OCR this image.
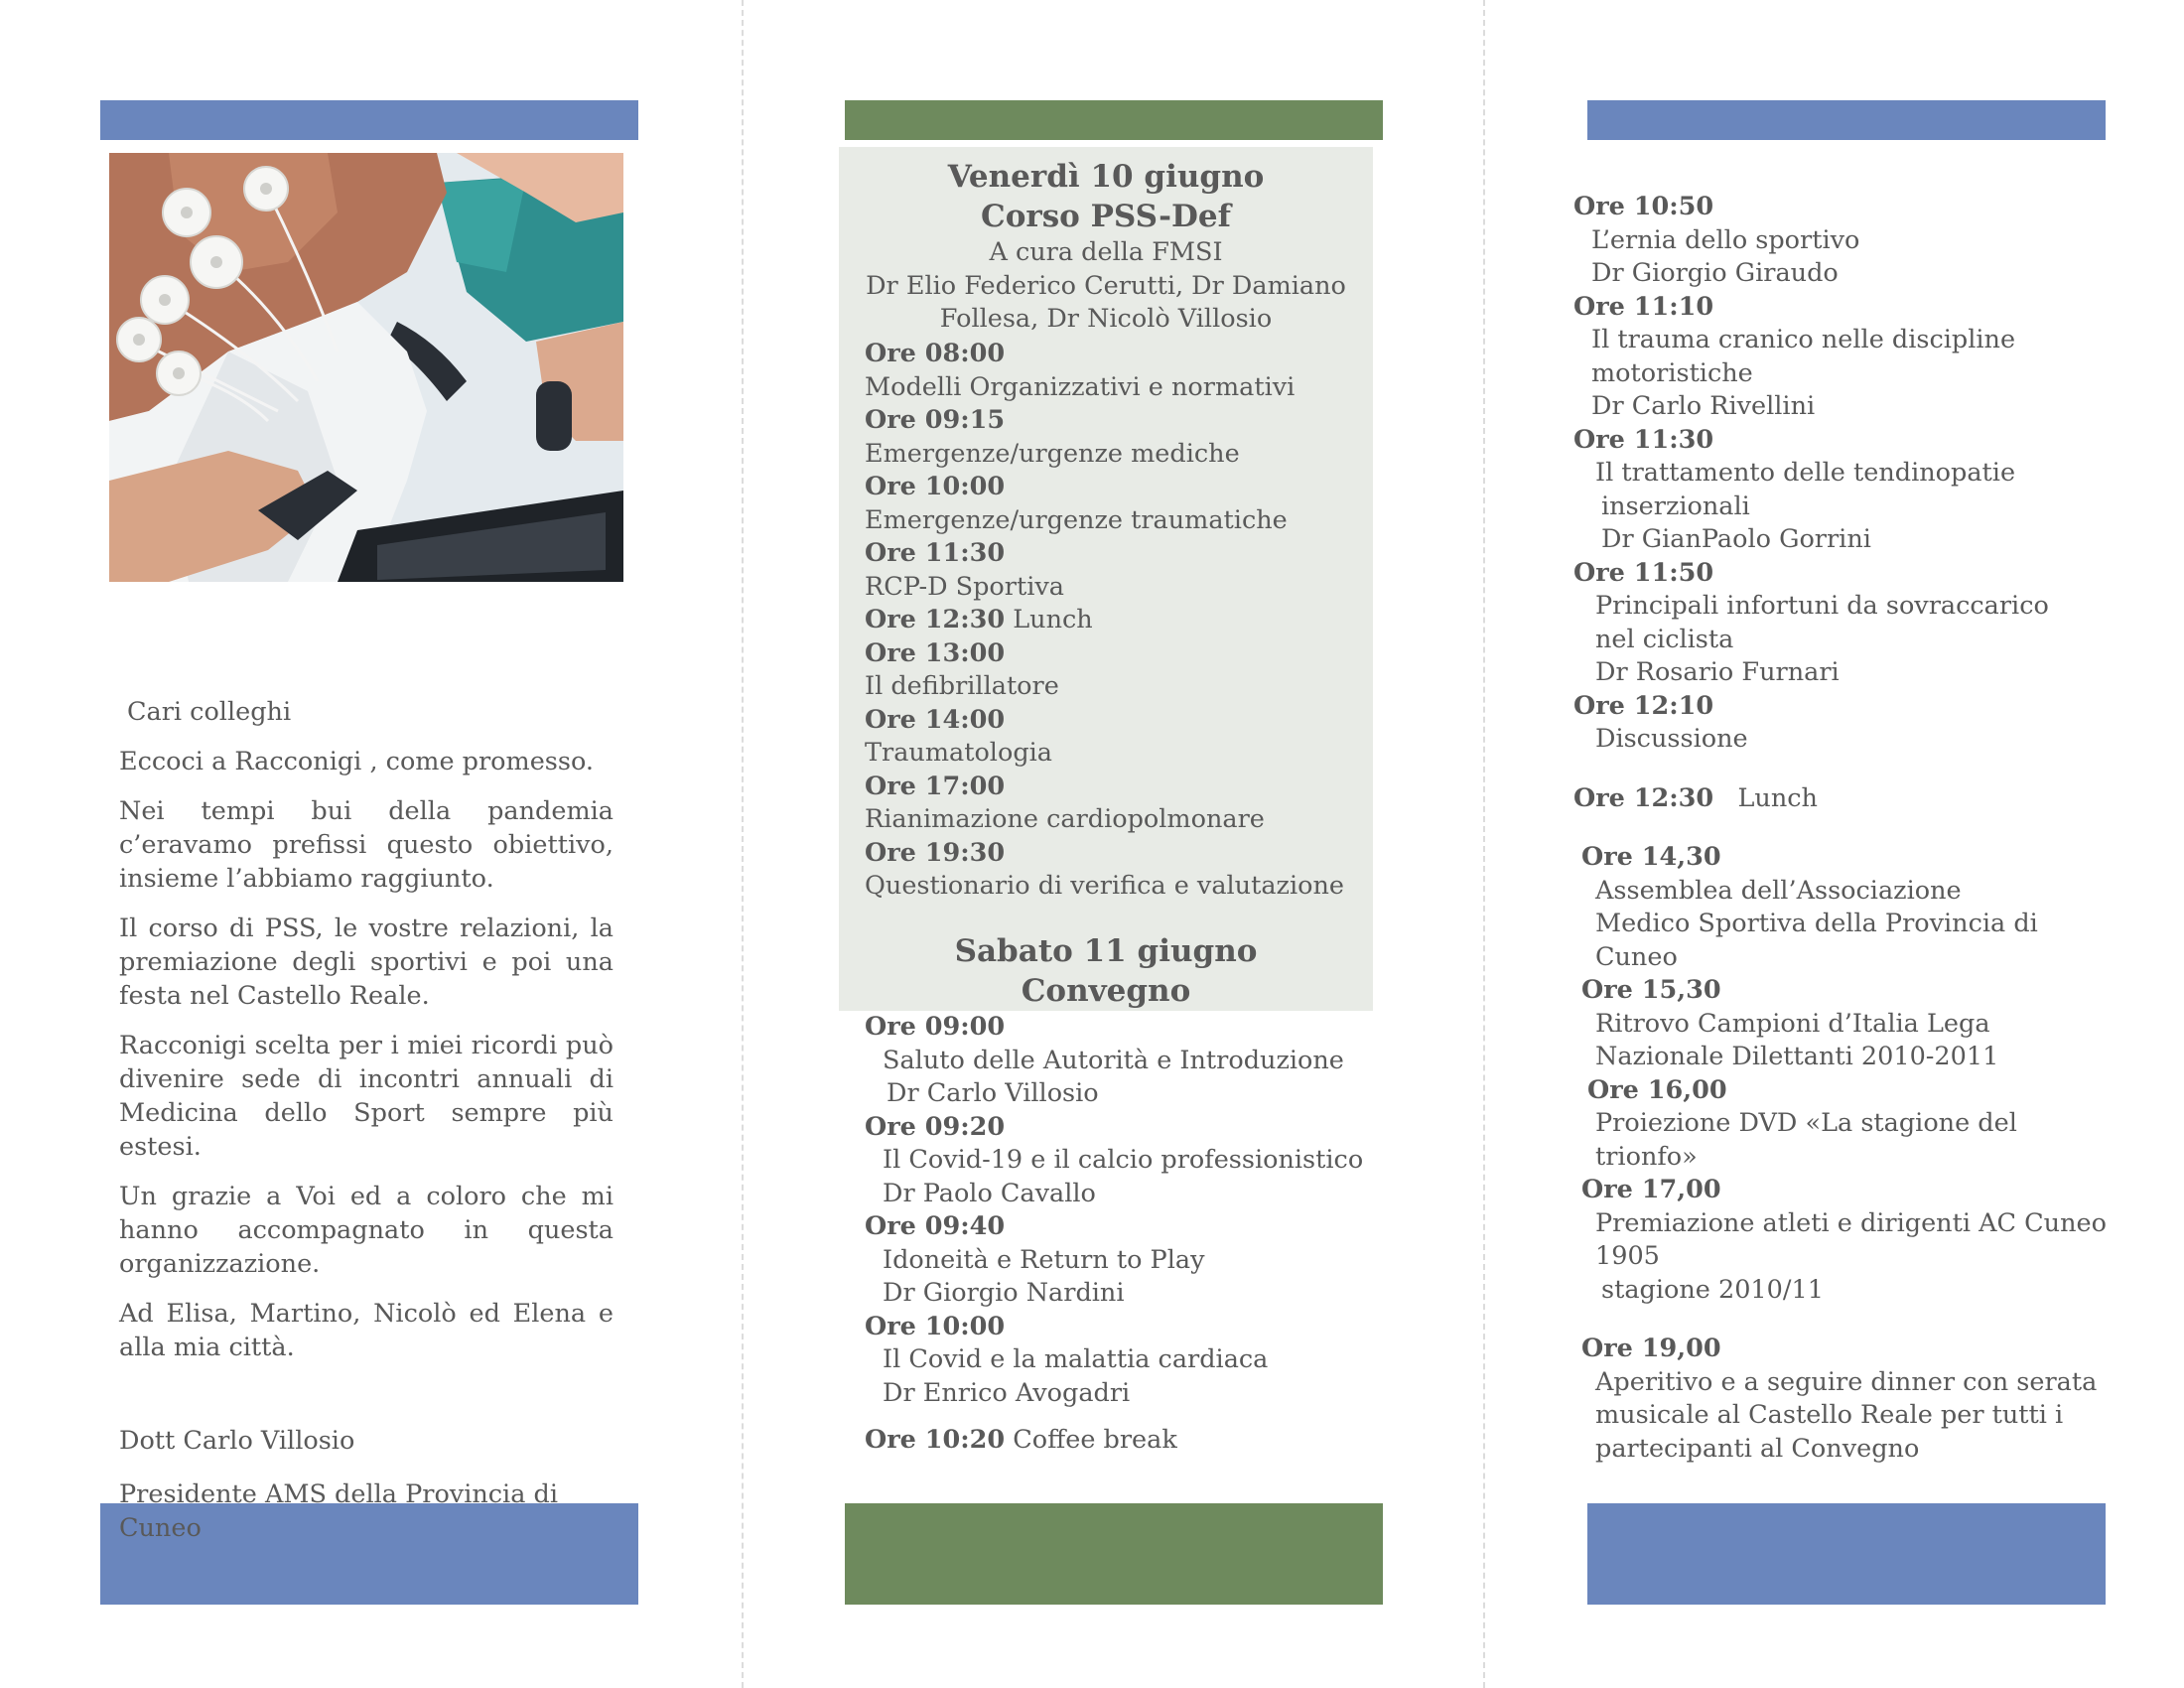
Cari colleghi

Eccoci a Racconigi , come promesso.

Nei tempi bui della pandemia c’eravamo prefissi questo obiettivo, insieme l’abbiamo raggiunto.

Il corso di PSS, le vostre relazioni, la premiazione degli sportivi e poi una festa nel Castello Reale.

Racconigi scelta per i miei ricordi può divenire sede di incontri annuali di Medicina dello Sport sempre più estesi.

Un grazie a Voi ed a coloro che mi hanno accompagnato in questa organizzazione.

Ad Elisa, Martino, Nicolò ed Elena e alla mia città.

Dott Carlo Villosio

Presidente AMS della Provincia di Cuneo

Venerdì 10 giugno
Corso PSS-Def
A cura della FMSI
Dr Elio Federico Cerutti, Dr Damiano
Follesa, Dr Nicolò Villosio
Ore 08:00
Modelli Organizzativi e normativi
Ore 09:15
Emergenze/urgenze mediche
Ore 10:00
Emergenze/urgenze traumatiche
Ore 11:30
RCP-D Sportiva
Ore 12:30 Lunch
Ore 13:00
Il defibrillatore
Ore 14:00
Traumatologia
Ore 17:00
Rianimazione cardiopolmonare
Ore 19:30
Questionario di verifica e valutazione
Sabato 11 giugno
Convegno
Ore 09:00
Saluto delle Autorità e Introduzione
Dr Carlo Villosio
Ore 09:20
Il Covid-19 e il calcio professionistico
Dr Paolo Cavallo
Ore 09:40
Idoneità e Return to Play
Dr Giorgio Nardini
Ore 10:00
Il Covid e la malattia cardiaca
Dr Enrico Avogadri
Ore 10:20 Coffee break
Ore 10:50
L’ernia dello sportivo
Dr Giorgio Giraudo
Ore 11:10
Il trauma cranico nelle discipline motoristiche
Dr Carlo Rivellini
Ore 11:30
Il trattamento delle tendinopatie
inserzionali
Dr GianPaolo Gorrini
Ore 11:50
Principali infortuni da sovraccarico
nel ciclista
Dr Rosario Furnari
Ore 12:10
Discussione
Ore 12:30 Lunch
Ore 14,30
Assemblea dell’Associazione
Medico Sportiva della Provincia di
Cuneo
Ore 15,30
Ritrovo Campioni d’Italia Lega
Nazionale Dilettanti 2010-2011
Ore 16,00
Proiezione DVD «La stagione del
trionfo»
Ore 17,00
Premiazione atleti e dirigenti AC Cuneo 1905
stagione 2010/11
Ore 19,00
Aperitivo e a seguire dinner con serata
musicale al Castello Reale per tutti i
partecipanti al Convegno
